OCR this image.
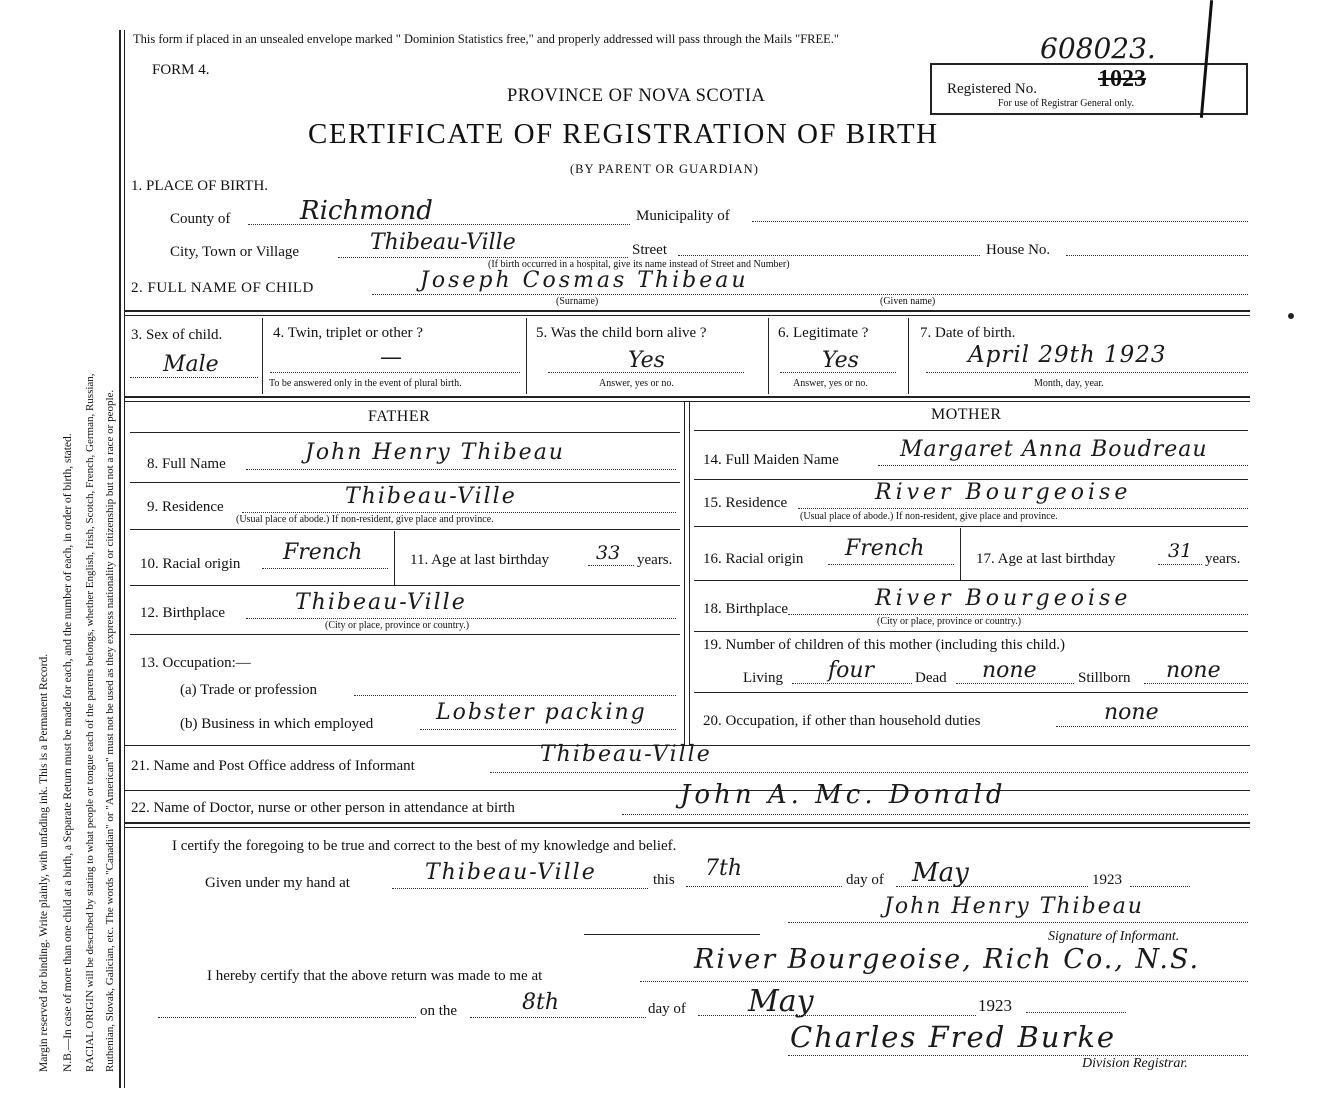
Margin reserved for binding. Write plainly, with unfading ink. This is a Permanent Record. N.B.—In case of more than one child at a birth, a Separate Return must be made for each, and the number of each, in order of birth, stated. RACIAL ORIGIN will be described by stating to what people or tongue each of the parents belongs, whether English, Irish, Scotch, French, German, Russian, Ruthenian, Slovak, Galician, etc. The words "Canadian" or "American" must not be used as they express nationality or citizenship but not a race or people.
This form if placed in an unsealed envelope marked " Dominion Statistics free," and properly addressed will pass through the Mails "FREE."
FORM 4.
PROVINCE OF NOVA SCOTIA
CERTIFICATE OF REGISTRATION OF BIRTH
(BY PARENT OR GUARDIAN)
Registered No.	1023
For use of Registrar General only.
608023.
1. PLACE OF BIRTH.
County of	Richmond	Municipality of
City, Town or Village	Thibeau-Ville	Street	House No.
(If birth occurred in a hospital, give its name instead of Street and Number)
2. FULL NAME OF CHILD	Joseph Cosmas Thibeau
(Surname)	(Given name)
3. Sex of child.
Male
4. Twin, triplet or other ?
—
To be answered only in the event of plural birth.
5. Was the child born alive ?
Yes
Answer, yes or no.
6. Legitimate ?
Yes
Answer, yes or no.
7. Date of birth.
April 29th 1923
Month, day, year.
FATHER	MOTHER
8. Full Name	John Henry Thibeau
9. Residence	Thibeau-Ville
(Usual place of abode.) If non-resident, give place and province.
10. Racial origin French	11. Age at last birthday 33 years.
12. Birthplace	Thibeau-Ville
(City or place, province or country.)
13. Occupation:—
(a) Trade or profession
(b) Business in which employed	Lobster packing
14. Full Maiden Name	Margaret Anna Boudreau
15. Residence	River Bourgeoise
(Usual place of abode.) If non-resident, give place and province.
16. Racial origin French	17. Age at last birthday	31 years.
18. Birthplace	River Bourgeoise
(City or place, province or country.)
19. Number of children of this mother (including this child.)
Living four	Dead none	Stillborn none
20. Occupation, if other than household duties	none
21. Name and Post Office address of Informant	Thibeau-Ville
22. Name of Doctor, nurse or other person in attendance at birth	John A. Mc. Donald
I certify the foregoing to be true and correct to the best of my knowledge and belief.
Given under my hand at	Thibeau-Ville	this 7th	day of May	1923
John Henry Thibeau
Signature of Informant.
I hereby certify that the above return was made to me at
River Bourgeoise, Rich Co., N.S.
on the	8th	day of May	1923
Charles Fred Burke
Division Registrar.
